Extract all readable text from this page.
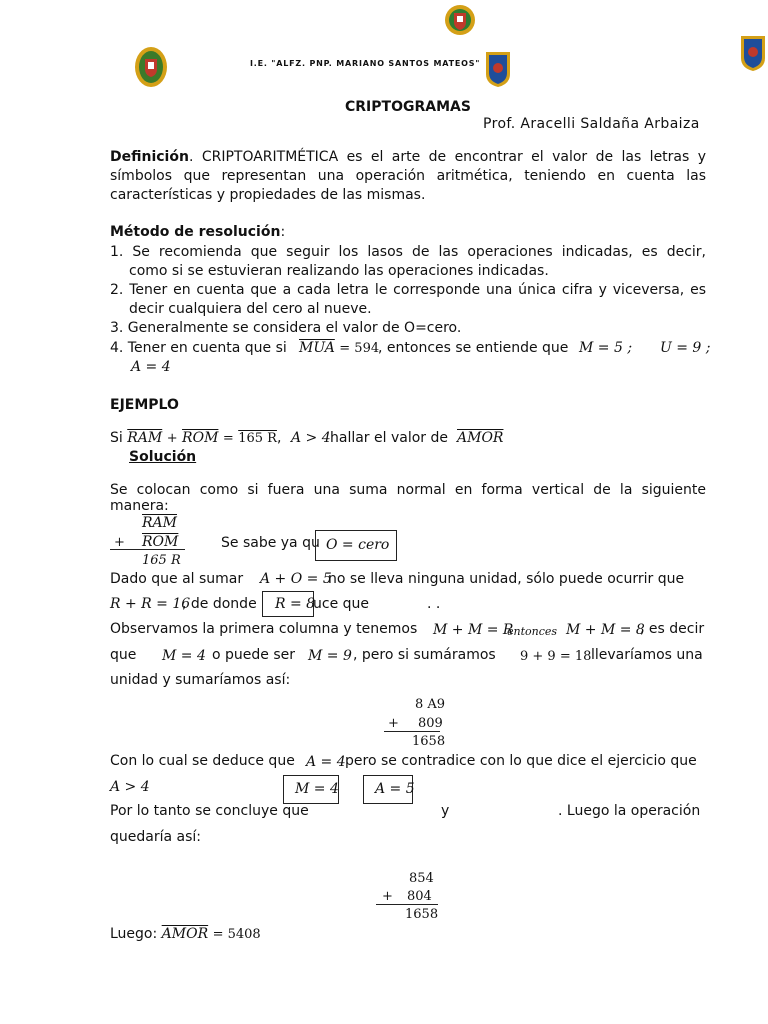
I.E. "ALFZ. PNP. MARIANO SANTOS MATEOS"
CRIPTOGRAMAS
Prof. Aracelli Saldaña Arbaiza
Definición. CRIPTOARITMÉTICA es el arte de encontrar el valor de las letras y
símbolos que representan una operación aritmética, teniendo en cuenta las
características y propiedades de las mismas.
Método de resolución:
1. Se recomienda que seguir los lasos de las operaciones indicadas, es decir,
como si se estuvieran realizando las operaciones indicadas.
2. Tener en cuenta que a cada letra le corresponde una única cifra y viceversa, es
decir cualquiera del cero al nueve.
3. Generalmente se considera el valor de O=cero.
4. Tener en cuenta que si $\overline{MUA} = 594$
, entonces se entiende que M = 5 ; U = 9 ;
A = 4
EJEMPLO
Si $\overline{RAM} + \overline{ROM} = 165$ R, A > 4 hallar el valor de AMOR
Solución
Se colocan como si fuera una suma normal en forma vertical de la siguiente
manera:
$\overline{RAM}$
+ $\overline{ROM}$
165 R
Se sabe ya qu O = cero
Dado que al sumar A + O = 5
no se lleva ninguna unidad, sólo puede ocurrir que
R + R = 16
, de donde R = 8
uce que	. .
Observamos la primera columna y tenemos M + M = R
entonces M + M = 8
, es decir
que M = 4 o puede ser M = 9 , pero si sumáramos 9 + 9 = 18 llevaríamos una
unidad y sumaríamos así:
8 A9
+ 809
1658
Con lo cual se deduce que A = 4 pero se contradice con lo que dice el ejercicio que
A > 4	M = 4	A = 5
Por lo tanto se concluye que	y	. Luego la operación
quedaría así:
854
+ 804
1658
Luego: AMOR = 5408
